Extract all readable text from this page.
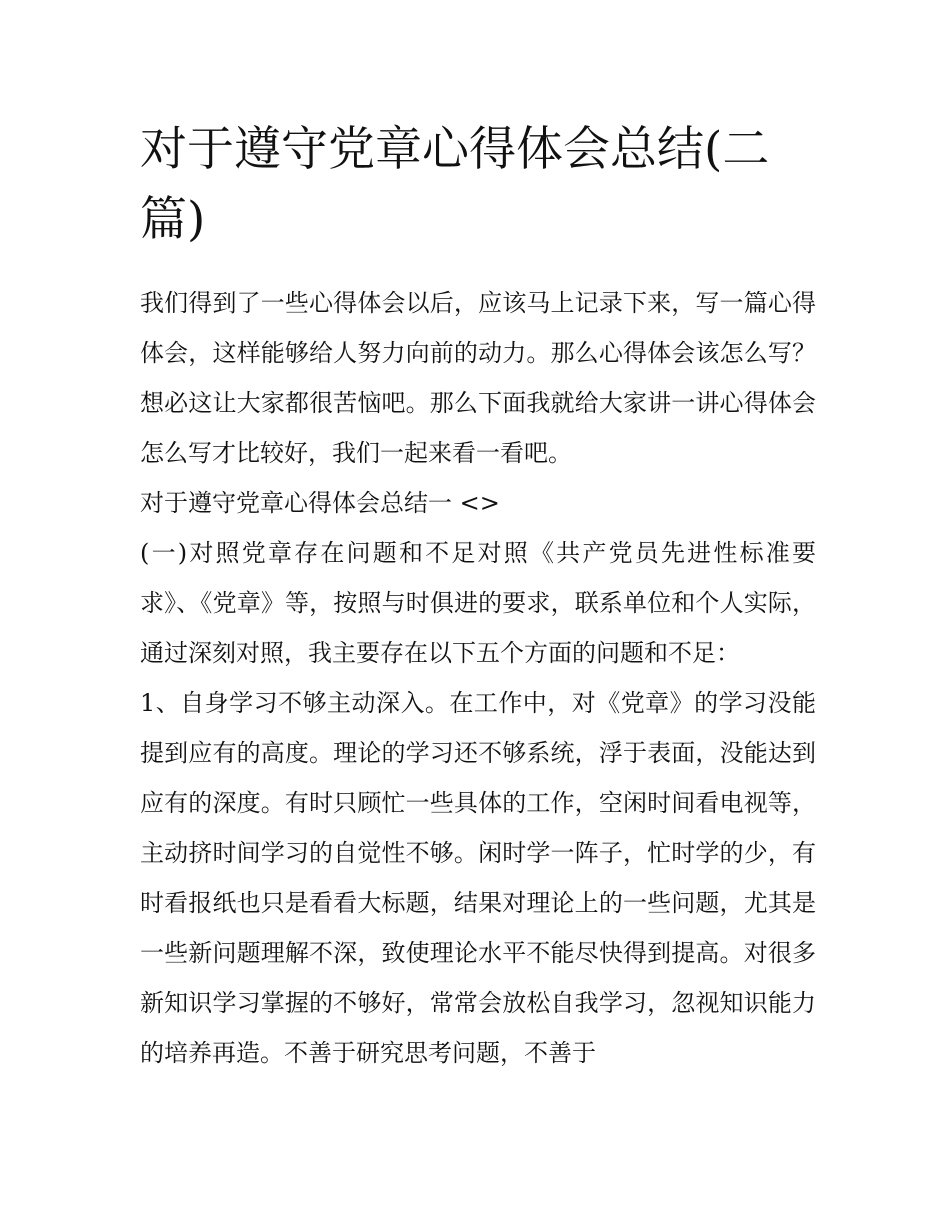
对于遵守党章心得体会总结(二篇)

我们得到了一些心得体会以后，应该马上记录下来，写一篇心得体会，这样能够给人努力向前的动力。那么心得体会该怎么写？想必这让大家都很苦恼吧。那么下面我就给大家讲一讲心得体会怎么写才比较好，我们一起来看一看吧。

对于遵守党章心得体会总结一 <>

(一)对照党章存在问题和不足对照《共产党员先进性标准要求》、《党章》等，按照与时俱进的要求，联系单位和个人实际，通过深刻对照，我主要存在以下五个方面的问题和不足：

1、自身学习不够主动深入。在工作中，对《党章》的学习没能提到应有的高度。理论的学习还不够系统，浮于表面，没能达到应有的深度。有时只顾忙一些具体的工作，空闲时间看电视等，主动挤时间学习的自觉性不够。闲时学一阵子，忙时学的少，有时看报纸也只是看看大标题，结果对理论上的一些问题，尤其是一些新问题理解不深，致使理论水平不能尽快得到提高。对很多新知识学习掌握的不够好，常常会放松自我学习，忽视知识能力的培养再造。不善于研究思考问题，不善于
